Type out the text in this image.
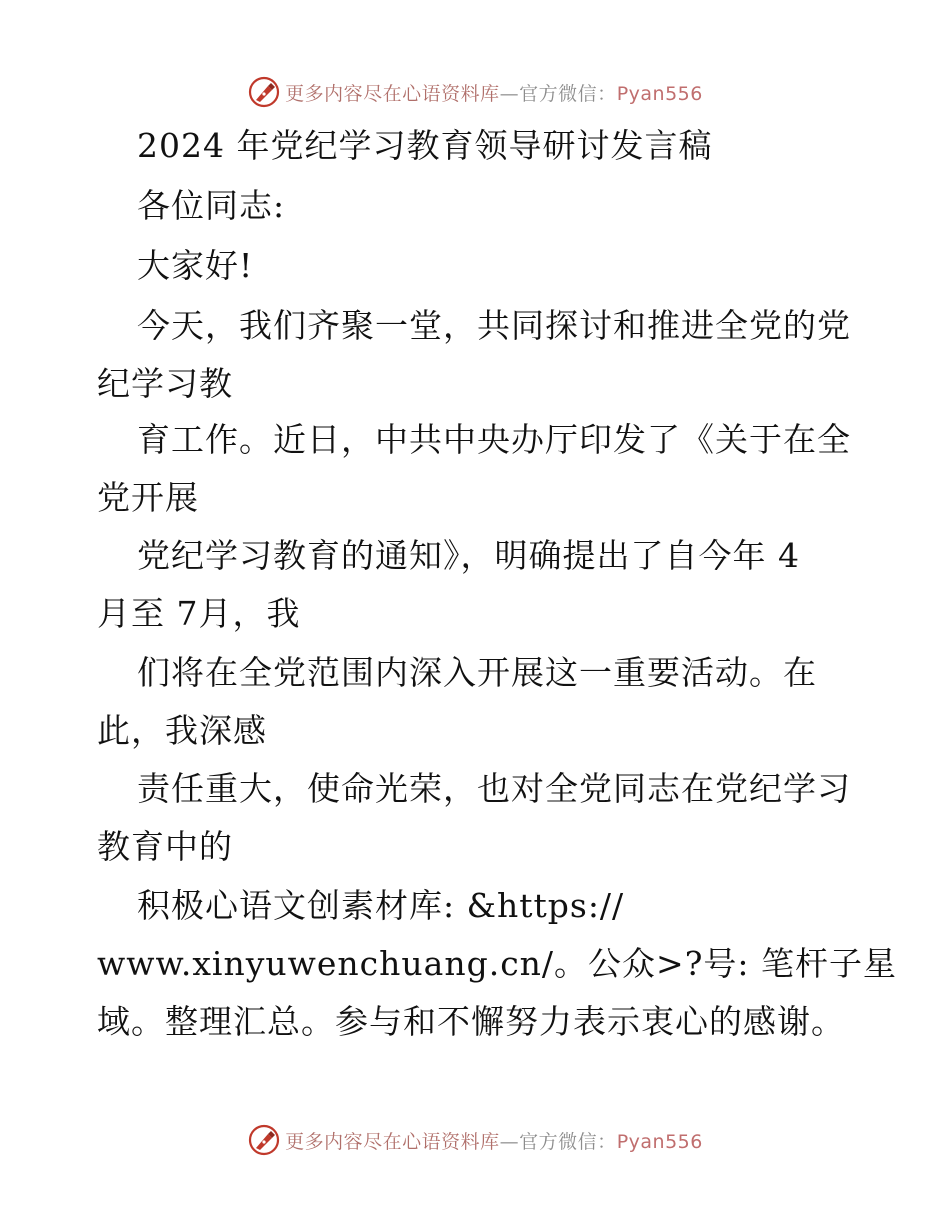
更多内容尽在心语资料库—官方微信：Pyan556
2024 年党纪学习教育领导研讨发言稿
各位同志:
大家好!
今天，我们齐聚一堂，共同探讨和推进全党的党
纪学习教
育工作。近日，中共中央办厅印发了《关于在全
党开展
党纪学习教育的通知》，明确提出了自今年 4
月至 7月，我
们将在全党范围内深入开展这一重要活动。在
此，我深感
责任重大，使命光荣，也对全党同志在党纪学习
教育中的
积极心语文创素材库: &https://
www.xinyuwenchuang.cn/。公众>?号: 笔杆子星
域。整理汇总。参与和不懈努力表示衷心的感谢。
更多内容尽在心语资料库—官方微信：Pyan556
